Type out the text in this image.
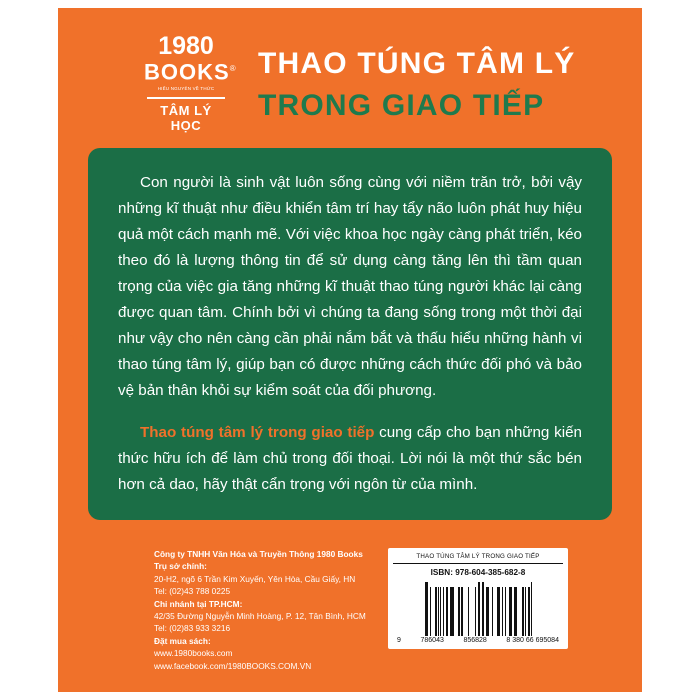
1980
BOOKS®
HIẾU NGUYÊN VỀ THỨC
TÂM LÝ
HỌC
THAO TÚNG TÂM LÝ
TRONG GIAO TIẾP

Con người là sinh vật luôn sống cùng với niềm trăn trở, bởi vậy những kĩ thuật như điều khiển tâm trí hay tẩy não luôn phát huy hiệu quả một cách mạnh mẽ. Với việc khoa học ngày càng phát triển, kéo theo đó là lượng thông tin để sử dụng càng tăng lên thì tầm quan trọng của việc gia tăng những kĩ thuật thao túng người khác lại càng được quan tâm. Chính bởi vì chúng ta đang sống trong một thời đại như vậy cho nên càng cần phải nắm bắt và thấu hiểu những hành vi thao túng tâm lý, giúp bạn có được những cách thức đối phó và bảo vệ bản thân khỏi sự kiểm soát của đối phương.

Thao túng tâm lý trong giao tiếp cung cấp cho bạn những kiến thức hữu ích để làm chủ trong đối thoại. Lời nói là một thứ sắc bén hơn cả dao, hãy thật cẩn trọng với ngôn từ của mình.

Công ty TNHH Văn Hóa và Truyền Thông 1980 Books
Trụ sở chính:
20-H2, ngõ 6 Trần Kim Xuyến, Yên Hòa, Cầu Giấy, HN
Tel: (02)43 788 0225
Chi nhánh tại TP.HCM:
42/35 Đường Nguyễn Minh Hoàng, P. 12, Tân Bình, HCM
Tel: (02)83 933 3216
Đặt mua sách:
www.1980books.com
www.facebook.com/1980BOOKS.COM.VN
THAO TÚNG TÂM LÝ TRONG GIAO TIẾP
ISBN: 978-604-385-682-8
9	786043	856828	8 380 66 695084
